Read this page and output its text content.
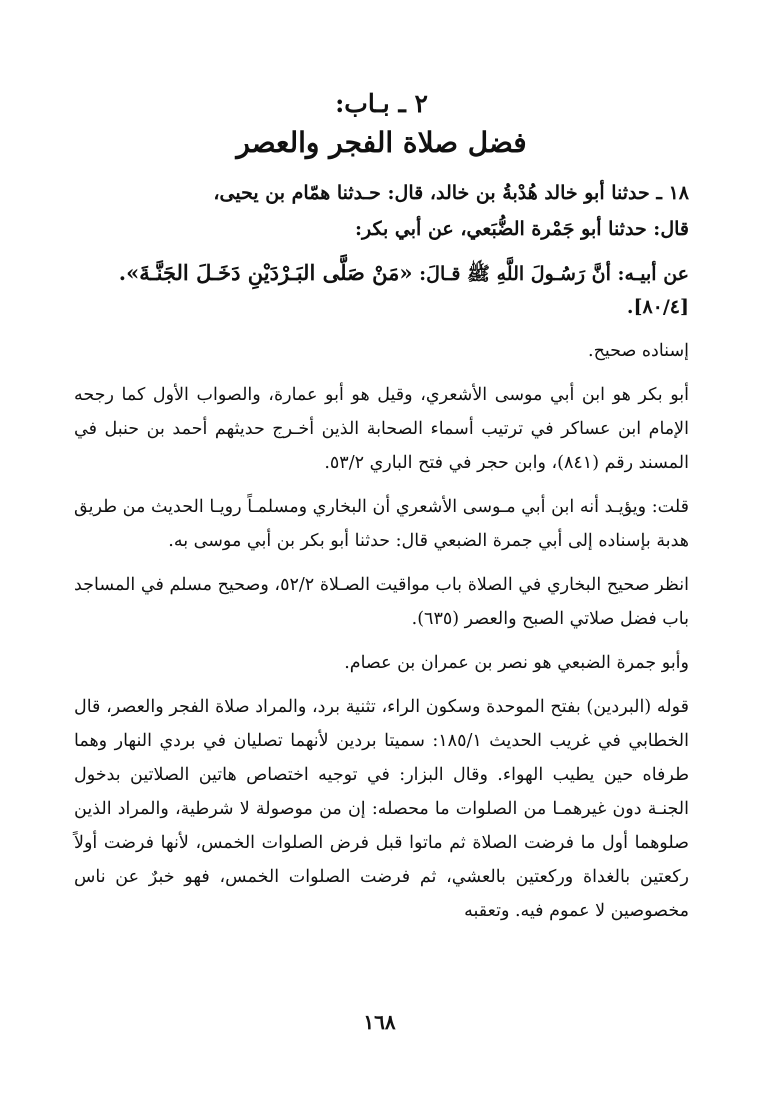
٢ ـ بـاب:
فضل صلاة الفجر والعصر

١٨ ـ حدثنا أبو خالد هُدْبةُ بن خالد، قال: حـدثنا همّام بن يحيى،

قال: حدثنا أبو جَمْرة الضُّبَعي، عن أبي بكر:

عن أبيـه: أنَّ رَسُـولَ اللَّهِ ﷺ قـالَ: «مَنْ صَلَّى البَـرْدَيْنِ دَخَـلَ الجَنَّـةَ».

[٨٠/٤].

إسناده صحيح.

أبو بكر هو ابن أبي موسى الأشعري، وقيل هو أبو عمارة، والصواب الأول كما رجحه الإمام ابن عساكر في ترتيب أسماء الصحابة الذين أخـرج حديثهم أحمد بن حنبل في المسند رقم (٨٤١)، وابن حجر في فتح الباري ٥٣/٢.

قلت: ويؤيـد أنه ابن أبي مـوسى الأشعري أن البخاري ومسلمـاً رويـا الحديث من طريق هدبة بإسناده إلى أبي جمرة الضبعي قال: حدثنا أبو بكر بن أبي موسى به.

انظر صحيح البخاري في الصلاة باب مواقيت الصـلاة ٥٢/٢، وصحيح مسلم في المساجد باب فضل صلاتي الصبح والعصر (٦٣٥).

وأبو جمرة الضبعي هو نصر بن عمران بن عصام.

قوله (البردين) بفتح الموحدة وسكون الراء، تثنية برد، والمراد صلاة الفجر والعصر، قال الخطابي في غريب الحديث ١٨٥/١: سميتا بردين لأنهما تصليان في بردي النهار وهما طرفاه حين يطيب الهواء. وقال البزار: في توجيه اختصاص هاتين الصلاتين بدخول الجنـة دون غيرهمـا من الصلوات ما محصله: إن من موصولة لا شرطية، والمراد الذين صلوهما أول ما فرضت الصلاة ثم ماتوا قبل فرض الصلوات الخمس، لأنها فرضت أولاً ركعتين بالغداة وركعتين بالعشي، ثم فرضت الصلوات الخمس، فهو خبرٌ عن ناس مخصوصين لا عموم فيه. وتعقبه

١٦٨
